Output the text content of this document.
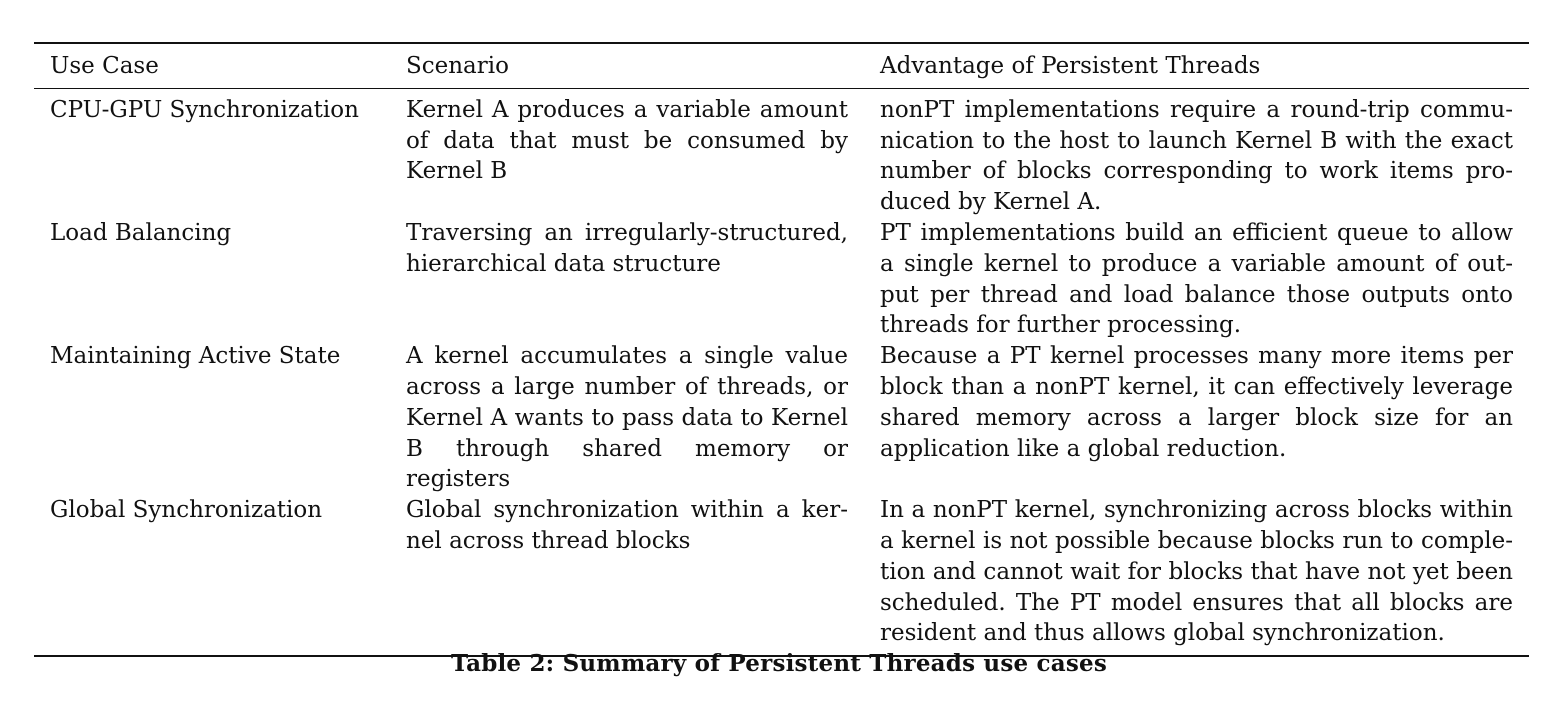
Use Case	Scenario	Advantage of Persistent Threads
CPU-GPU Synchronization	Kernel A produces a variable amount of data that must be consumed by Kernel B	nonPT implementations require a round-trip communication to the host to launch Kernel B with the exact number of blocks corresponding to work items produced by Kernel A.
Load Balancing	Traversing an irregularly-structured, hierarchical data structure	PT implementations build an efficient queue to allow a single kernel to produce a variable amount of output per thread and load balance those outputs onto threads for further processing.
Maintaining Active State	A kernel accumulates a single value across a large number of threads, or Kernel A wants to pass data to Kernel B through shared memory or registers	Because a PT kernel processes many more items per block than a nonPT kernel, it can effectively leverage shared memory across a larger block size for an application like a global reduction.
Global Synchronization	Global synchronization within a kernel across thread blocks	In a nonPT kernel, synchronizing across blocks within a kernel is not possible because blocks run to completion and cannot wait for blocks that have not yet been scheduled. The PT model ensures that all blocks are resident and thus allows global synchronization.
Table 2: Summary of Persistent Threads use cases
